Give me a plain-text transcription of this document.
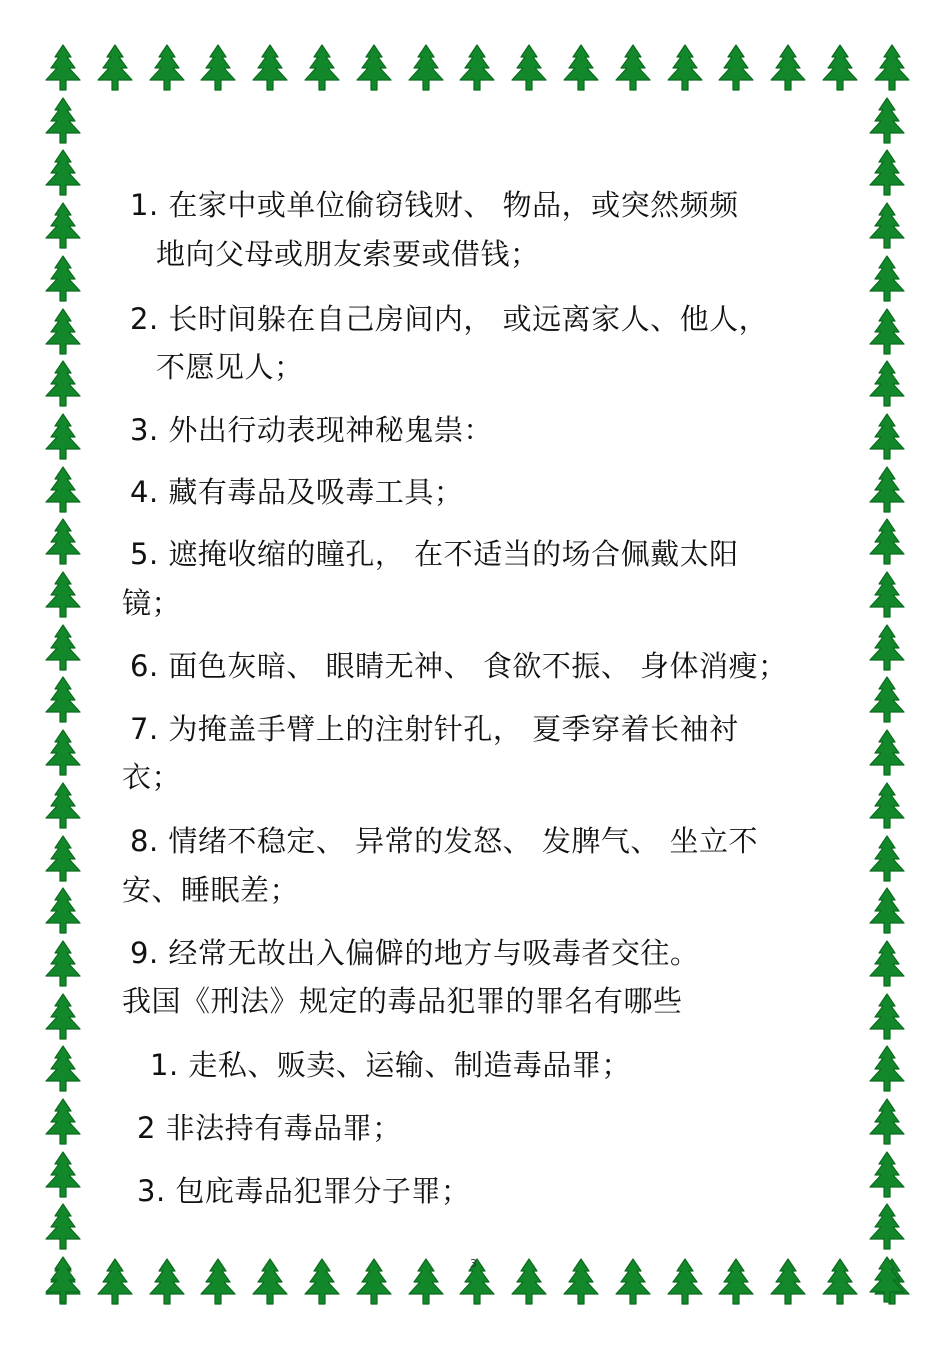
1. 在家中或单位偷窃钱财、 物品，或突然频频
地向父母或朋友索要或借钱；
2. 长时间躲在自己房间内， 或远离家人、他人，
不愿见人；
3. 外出行动表现神秘鬼祟：
4. 藏有毒品及吸毒工具；
5. 遮掩收缩的瞳孔， 在不适当的场合佩戴太阳
镜；
6. 面色灰暗、 眼睛无神、 食欲不振、 身体消瘦；
7. 为掩盖手臂上的注射针孔， 夏季穿着长袖衬
衣；
8. 情绪不稳定、 异常的发怒、 发脾气、 坐立不
安、睡眠差；
9. 经常无故出入偏僻的地方与吸毒者交往。
我国《刑法》规定的毒品犯罪的罪名有哪些
1. 走私、贩卖、运输、制造毒品罪；
2 非法持有毒品罪；
3. 包庇毒品犯罪分子罪；
3
